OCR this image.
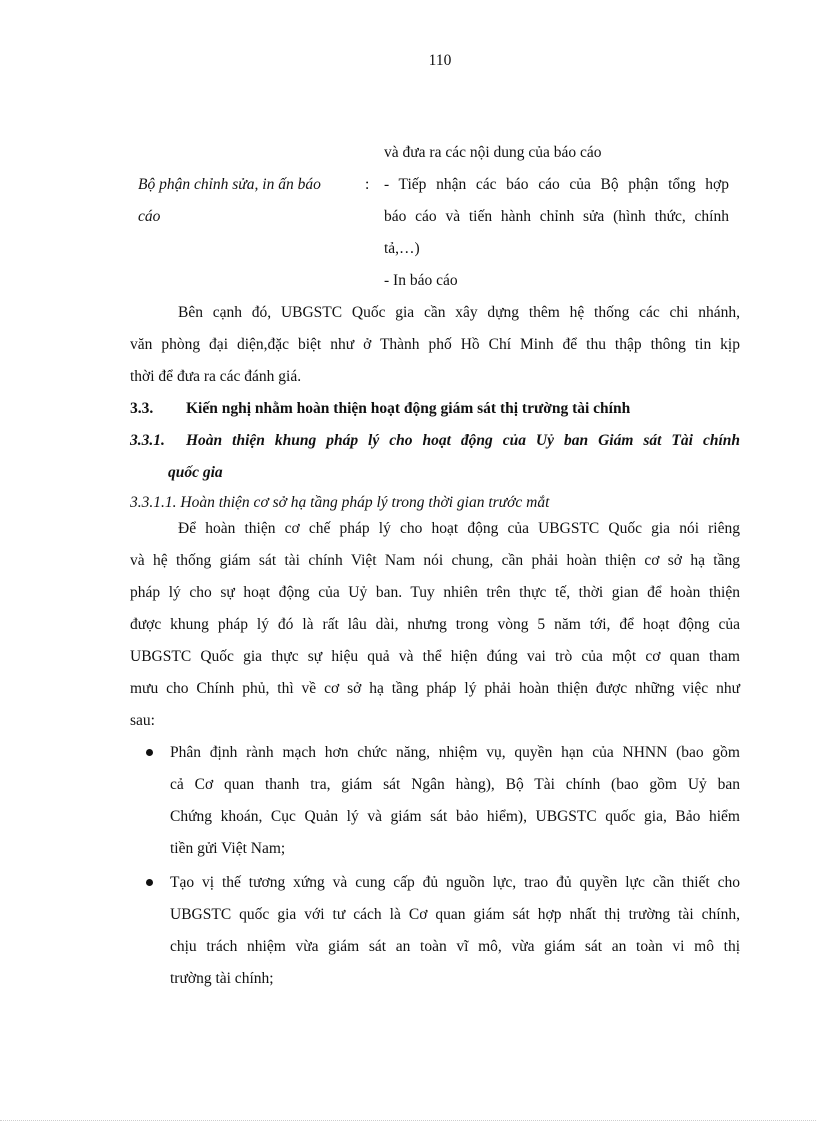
110
và đưa ra các nội dung của báo cáo
Bộ phận chỉnh sửa, in ấn báo	: - Tiếp nhận các báo cáo của Bộ phận tổng hợp
cáo	báo cáo và tiến hành chỉnh sửa (hình thức, chính
tả,…)
- In báo cáo
Bên cạnh đó, UBGSTC Quốc gia cần xây dựng thêm hệ thống các chi nhánh,
văn phòng đại diện,đặc biệt như ở Thành phố Hồ Chí Minh để thu thập thông tin kịp
thời để đưa ra các đánh giá.
3.3. Kiến nghị nhằm hoàn thiện hoạt động giám sát thị trường tài chính
3.3.1. Hoàn thiện khung pháp lý cho hoạt động của Uỷ ban Giám sát Tài chính
quốc gia
3.3.1.1. Hoàn thiện cơ sở hạ tầng pháp lý trong thời gian trước mắt
Để hoàn thiện cơ chế pháp lý cho hoạt động của UBGSTC Quốc gia nói riêng
và hệ thống giám sát tài chính Việt Nam nói chung, cần phải hoàn thiện cơ sở hạ tầng
pháp lý cho sự hoạt động của Uỷ ban. Tuy nhiên trên thực tế, thời gian để hoàn thiện
được khung pháp lý đó là rất lâu dài, nhưng trong vòng 5 năm tới, để hoạt động của
UBGSTC Quốc gia thực sự hiệu quả và thể hiện đúng vai trò của một cơ quan tham
mưu cho Chính phủ, thì về cơ sở hạ tầng pháp lý phải hoàn thiện được những việc như
sau:
Phân định rành mạch hơn chức năng, nhiệm vụ, quyền hạn của NHNN (bao gồm
cả Cơ quan thanh tra, giám sát Ngân hàng), Bộ Tài chính (bao gồm Uỷ ban
Chứng khoán, Cục Quản lý và giám sát bảo hiểm), UBGSTC quốc gia, Bảo hiểm
tiền gửi Việt Nam;
Tạo vị thế tương xứng và cung cấp đủ nguồn lực, trao đủ quyền lực cần thiết cho
UBGSTC quốc gia với tư cách là Cơ quan giám sát hợp nhất thị trường tài chính,
chịu trách nhiệm vừa giám sát an toàn vĩ mô, vừa giám sát an toàn vi mô thị
trường tài chính;
